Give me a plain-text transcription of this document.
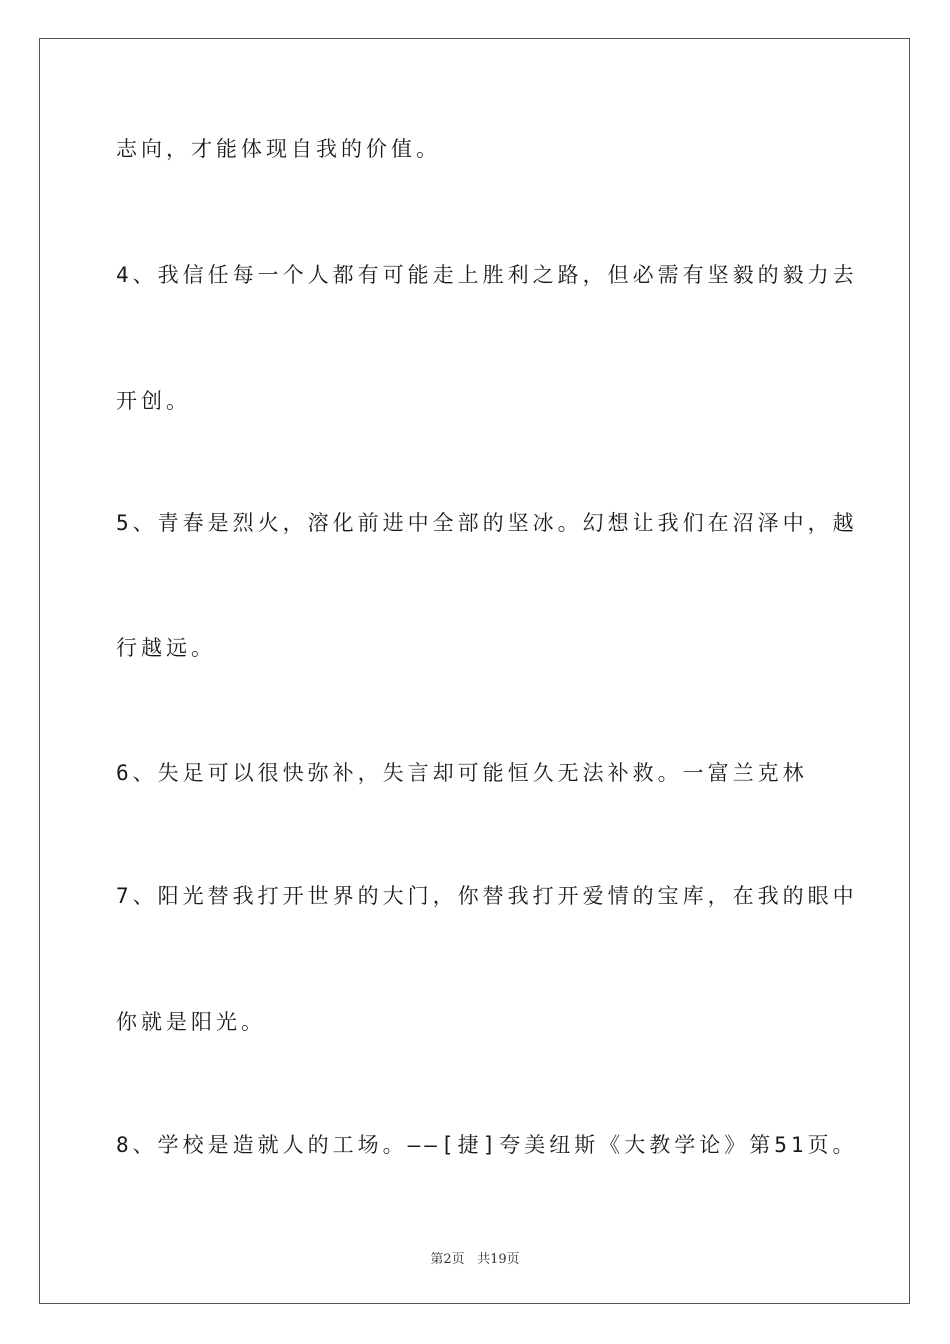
志向，才能体现自我的价值。
4、我信任每一个人都有可能走上胜利之路，但必需有坚毅的毅力去
开创。
5、青春是烈火，溶化前进中全部的坚冰。幻想让我们在沼泽中，越
行越远。
6、失足可以很快弥补，失言却可能恒久无法补救。一富兰克林
7、阳光替我打开世界的大门，你替我打开爱情的宝库，在我的眼中
你就是阳光。
8、学校是造就人的工场。——[捷]夸美纽斯《大教学论》第51页。
第2页 共19页
